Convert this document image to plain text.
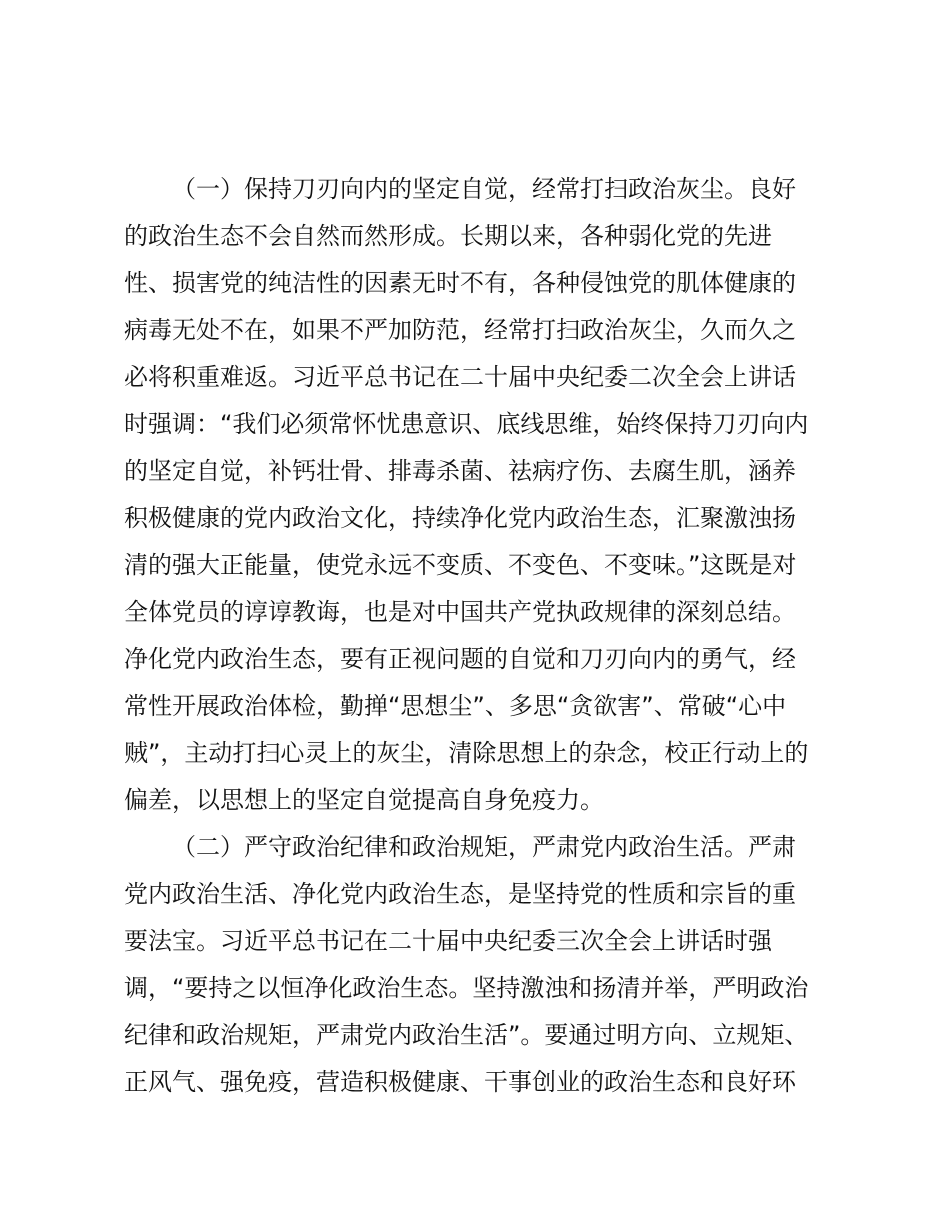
（一）保持刀刃向内的坚定自觉，经常打扫政治灰尘。良好
的政治生态不会自然而然形成。长期以来，各种弱化党的先进
性、损害党的纯洁性的因素无时不有，各种侵蚀党的肌体健康的
病毒无处不在，如果不严加防范，经常打扫政治灰尘，久而久之
必将积重难返。习近平总书记在二十届中央纪委二次全会上讲话
时强调：“我们必须常怀忧患意识、底线思维，始终保持刀刃向内
的坚定自觉，补钙壮骨、排毒杀菌、祛病疗伤、去腐生肌，涵养
积极健康的党内政治文化，持续净化党内政治生态，汇聚激浊扬
清的强大正能量，使党永远不变质、不变色、不变味。”这既是对
全体党员的谆谆教诲，也是对中国共产党执政规律的深刻总结。
净化党内政治生态，要有正视问题的自觉和刀刃向内的勇气，经
常性开展政治体检，勤掸“思想尘”、多思“贪欲害”、常破“心中
贼”，主动打扫心灵上的灰尘，清除思想上的杂念，校正行动上的
偏差，以思想上的坚定自觉提高自身免疫力。
（二）严守政治纪律和政治规矩，严肃党内政治生活。严肃
党内政治生活、净化党内政治生态，是坚持党的性质和宗旨的重
要法宝。习近平总书记在二十届中央纪委三次全会上讲话时强
调，“要持之以恒净化政治生态。坚持激浊和扬清并举，严明政治
纪律和政治规矩，严肃党内政治生活”。要通过明方向、立规矩、
正风气、强免疫，营造积极健康、干事创业的政治生态和良好环
